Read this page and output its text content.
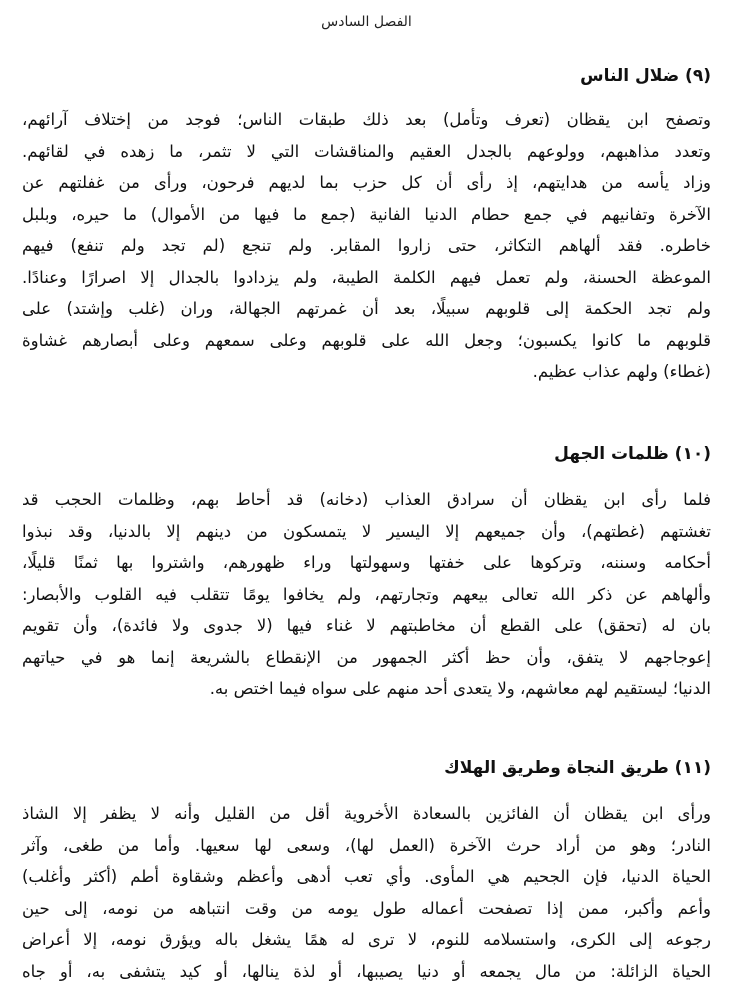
الفصل السادس
(٩) ضلال الناس

وتصفح ابن يقظان (تعرف وتأمل) بعد ذلك طبقات الناس؛ فوجد من إختلاف آرائهم،
وتعدد مذاهبهم، وولوعهم بالجدل العقيم والمناقشات التي لا تثمر، ما زهده في لقائهم.
وزاد يأسه من هدايتهم، إذ رأى أن كل حزب بما لديهم فرحون، ورأى من غفلتهم عن
الآخرة وتفانيهم في جمع حطام الدنيا الفانية (جمع ما فيها من الأموال) ما حيره، وبلبل
خاطره. فقد ألهاهم التكاثر، حتى زاروا المقابر. ولم تنجع (لم تجد ولم تنفع) فيهم
الموعظة الحسنة، ولم تعمل فيهم الكلمة الطيبة، ولم يزدادوا بالجدال إلا اصرارًا وعنادًا.
ولم تجد الحكمة إلى قلوبهم سبيلًا، بعد أن غمرتهم الجهالة، وران (غلب وإشتد) على
قلوبهم ما كانوا يكسبون؛ وجعل الله على قلوبهم وعلى سمعهم وعلى أبصارهم غشاوة
(غطاء) ولهم عذاب عظيم.

(١٠) ظلمات الجهل

فلما رأى ابن يقظان أن سرادق العذاب (دخانه) قد أحاط بهم، وظلمات الحجب قد
تغشتهم (غطتهم)، وأن جميعهم إلا اليسير لا يتمسكون من دينهم إلا بالدنيا، وقد نبذوا
أحكامه وسننه، وتركوها على خفتها وسهولتها وراء ظهورهم، واشتروا بها ثمنًا قليلًا،
وألهاهم عن ذكر الله تعالى بيعهم وتجارتهم، ولم يخافوا يومًا تتقلب فيه القلوب والأبصار:
بان له (تحقق) على القطع أن مخاطبتهم لا غناء فيها (لا جدوى ولا فائدة)، وأن تقويم
إعوجاجهم لا يتفق، وأن حظ أكثر الجمهور من الإنقطاع بالشريعة إنما هو في حياتهم
الدنيا؛ ليستقيم لهم معاشهم، ولا يتعدى أحد منهم على سواه فيما اختص به.

(١١) طريق النجاة وطريق الهلاك

ورأى ابن يقظان أن الفائزين بالسعادة الأخروية أقل من القليل وأنه لا يظفر إلا الشاذ
النادر؛ وهو من أراد حرث الآخرة (العمل لها)، وسعى لها سعيها. وأما من طغى، وآثر
الحياة الدنيا، فإن الجحيم هي المأوى. وأي تعب أدهى وأعظم وشقاوة أطم (أكثر وأغلب)
وأعم وأكبر، ممن إذا تصفحت أعماله طول يومه من وقت انتباهه من نومه، إلى حين
رجوعه إلى الكرى، واستسلامه للنوم، لا ترى له همًا يشغل باله ويؤرق نومه، إلا أعراض
الحياة الزائلة: من مال يجمعه أو دنيا يصيبها، أو لذة ينالها، أو كيد يتشفى به، أو جاه
